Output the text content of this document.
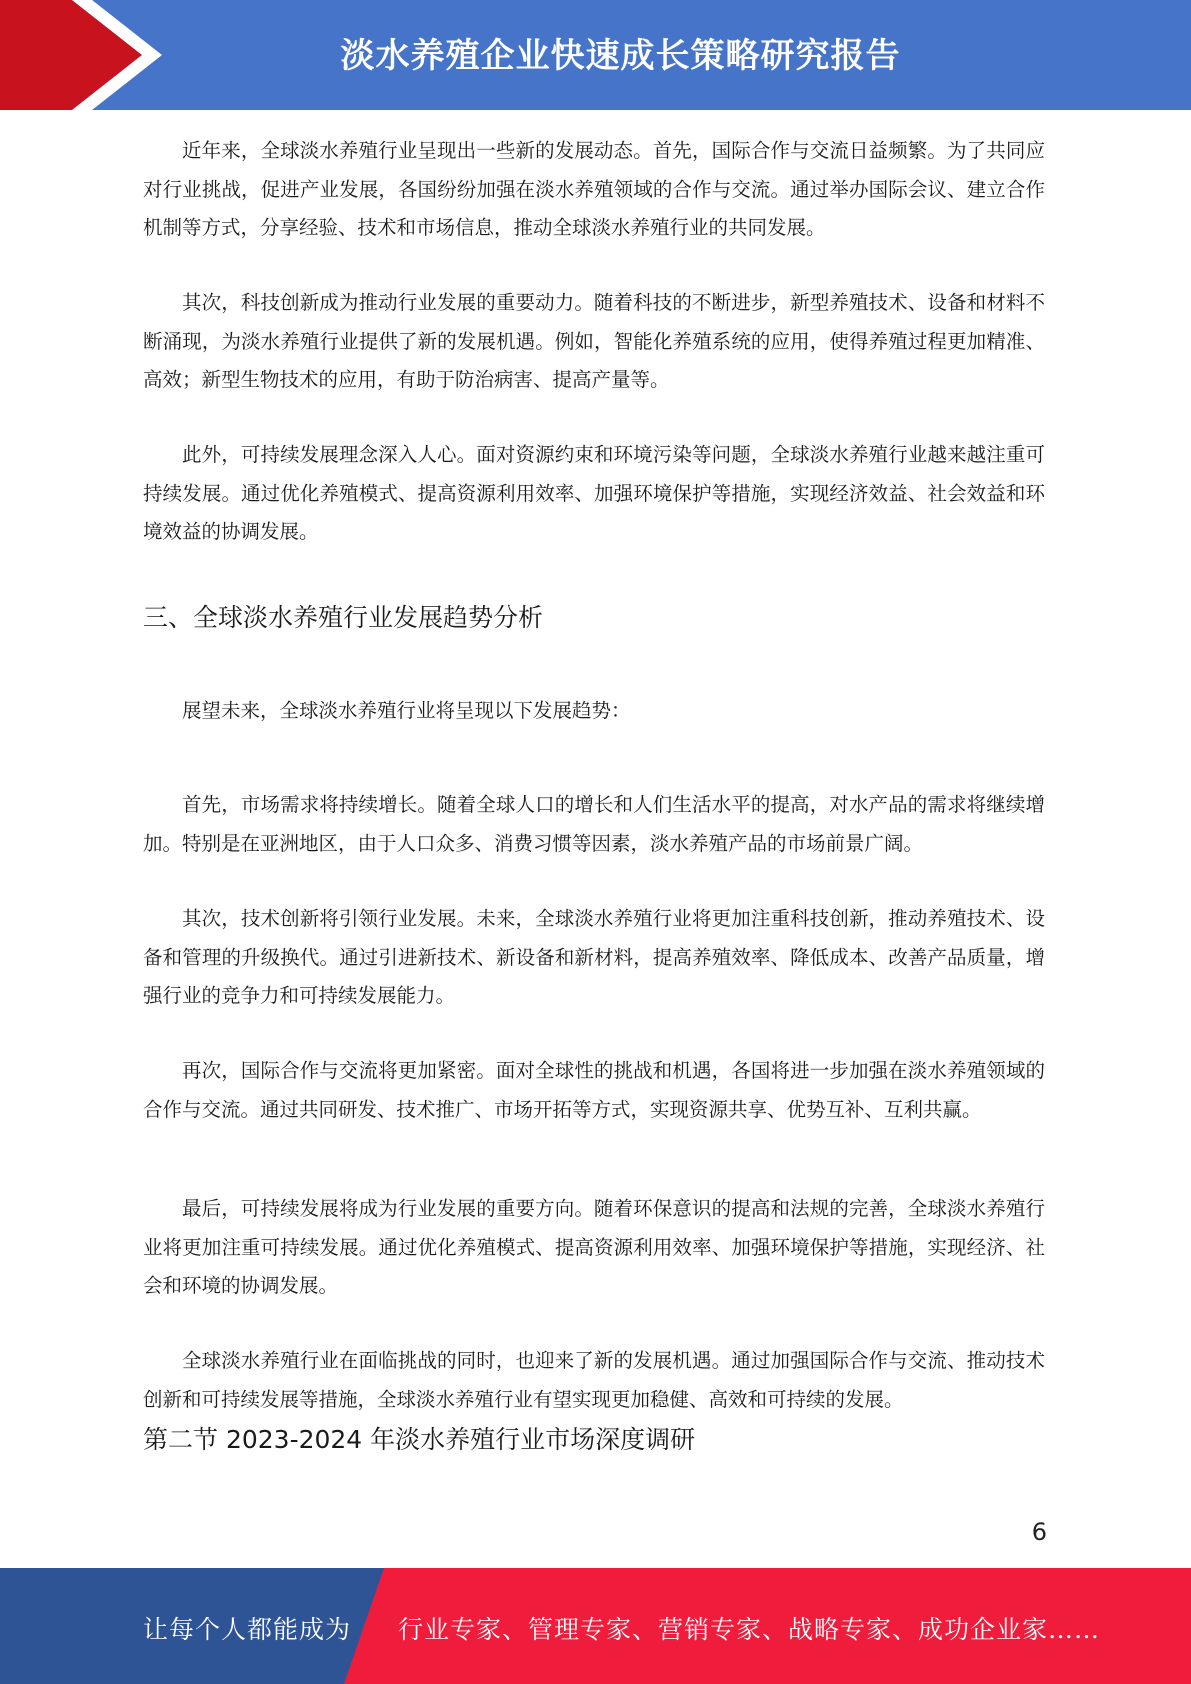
淡水养殖企业快速成长策略研究报告

近年来，全球淡水养殖行业呈现出一些新的发展动态。首先，国际合作与交流日益频繁。为了共同应对行业挑战，促进产业发展，各国纷纷加强在淡水养殖领域的合作与交流。通过举办国际会议、建立合作机制等方式，分享经验、技术和市场信息，推动全球淡水养殖行业的共同发展。

其次，科技创新成为推动行业发展的重要动力。随着科技的不断进步，新型养殖技术、设备和材料不断涌现，为淡水养殖行业提供了新的发展机遇。例如，智能化养殖系统的应用，使得养殖过程更加精准、高效；新型生物技术的应用，有助于防治病害、提高产量等。

此外，可持续发展理念深入人心。面对资源约束和环境污染等问题，全球淡水养殖行业越来越注重可持续发展。通过优化养殖模式、提高资源利用效率、加强环境保护等措施，实现经济效益、社会效益和环境效益的协调发展。

三、全球淡水养殖行业发展趋势分析

展望未来，全球淡水养殖行业将呈现以下发展趋势：

首先，市场需求将持续增长。随着全球人口的增长和人们生活水平的提高，对水产品的需求将继续增加。特别是在亚洲地区，由于人口众多、消费习惯等因素，淡水养殖产品的市场前景广阔。

其次，技术创新将引领行业发展。未来，全球淡水养殖行业将更加注重科技创新，推动养殖技术、设备和管理的升级换代。通过引进新技术、新设备和新材料，提高养殖效率、降低成本、改善产品质量，增强行业的竞争力和可持续发展能力。

再次，国际合作与交流将更加紧密。面对全球性的挑战和机遇，各国将进一步加强在淡水养殖领域的合作与交流。通过共同研发、技术推广、市场开拓等方式，实现资源共享、优势互补、互利共赢。

最后，可持续发展将成为行业发展的重要方向。随着环保意识的提高和法规的完善，全球淡水养殖行业将更加注重可持续发展。通过优化养殖模式、提高资源利用效率、加强环境保护等措施，实现经济、社会和环境的协调发展。

全球淡水养殖行业在面临挑战的同时，也迎来了新的发展机遇。通过加强国际合作与交流、推动技术创新和可持续发展等措施，全球淡水养殖行业有望实现更加稳健、高效和可持续的发展。

第二节 2023-2024 年淡水养殖行业市场深度调研
6
让每个人都能成为 行业专家、管理专家、营销专家、战略专家、成功企业家……
